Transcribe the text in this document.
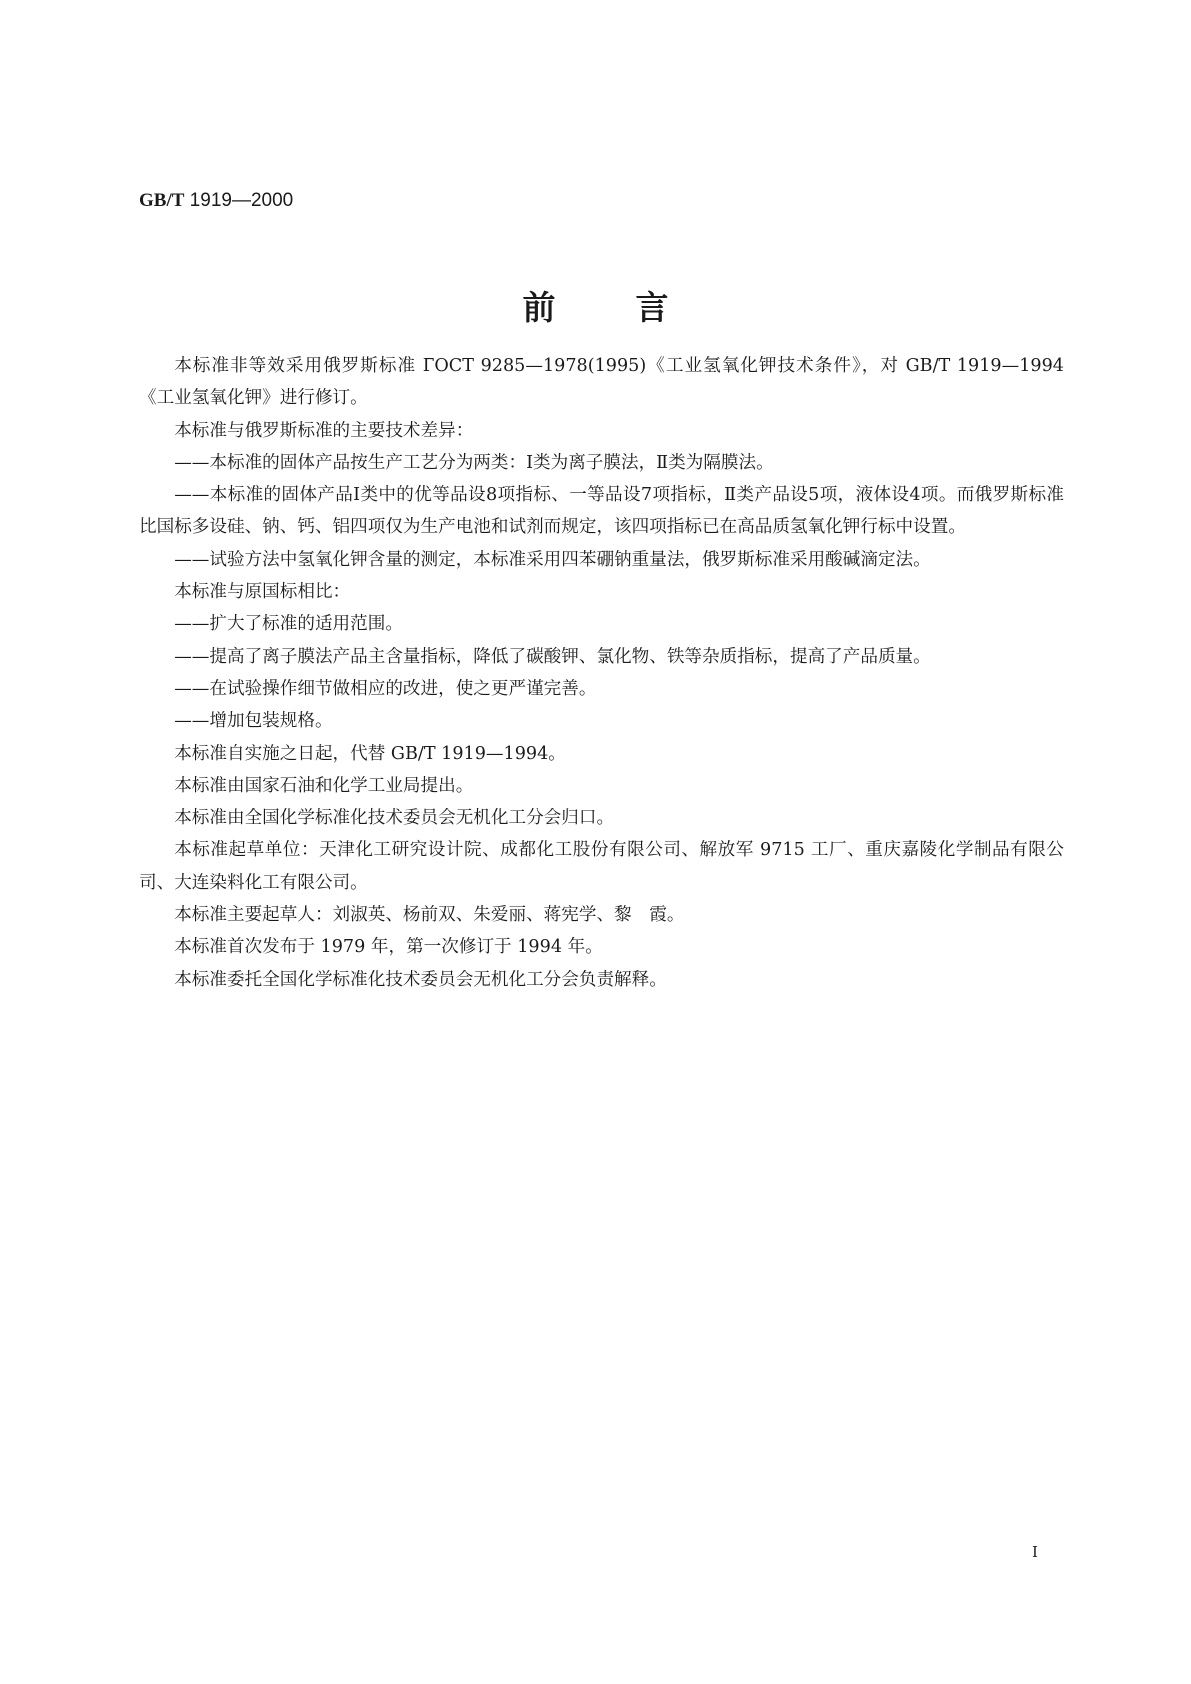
GB/T 1919—2000
前言

本标准非等效采用俄罗斯标准 ГОСТ 9285—1978(1995)《工业氢氧化钾技术条件》，对 GB/T 1919—1994《工业氢氧化钾》进行修订。

本标准与俄罗斯标准的主要技术差异：

——本标准的固体产品按生产工艺分为两类：Ⅰ类为离子膜法，Ⅱ类为隔膜法。

——本标准的固体产品Ⅰ类中的优等品设8项指标、一等品设7项指标，Ⅱ类产品设5项，液体设4项。而俄罗斯标准比国标多设硅、钠、钙、铝四项仅为生产电池和试剂而规定，该四项指标已在高品质氢氧化钾行标中设置。

——试验方法中氢氧化钾含量的测定，本标准采用四苯硼钠重量法，俄罗斯标准采用酸碱滴定法。

本标准与原国标相比：

——扩大了标准的适用范围。

——提高了离子膜法产品主含量指标，降低了碳酸钾、氯化物、铁等杂质指标，提高了产品质量。

——在试验操作细节做相应的改进，使之更严谨完善。

——增加包装规格。

本标准自实施之日起，代替 GB/T 1919—1994。

本标准由国家石油和化学工业局提出。

本标准由全国化学标准化技术委员会无机化工分会归口。

本标准起草单位：天津化工研究设计院、成都化工股份有限公司、解放军 9715 工厂、重庆嘉陵化学制品有限公司、大连染料化工有限公司。

本标准主要起草人：刘淑英、杨前双、朱爱丽、蒋宪学、黎　霞。

本标准首次发布于 1979 年，第一次修订于 1994 年。

本标准委托全国化学标准化技术委员会无机化工分会负责解释。

Ⅰ
